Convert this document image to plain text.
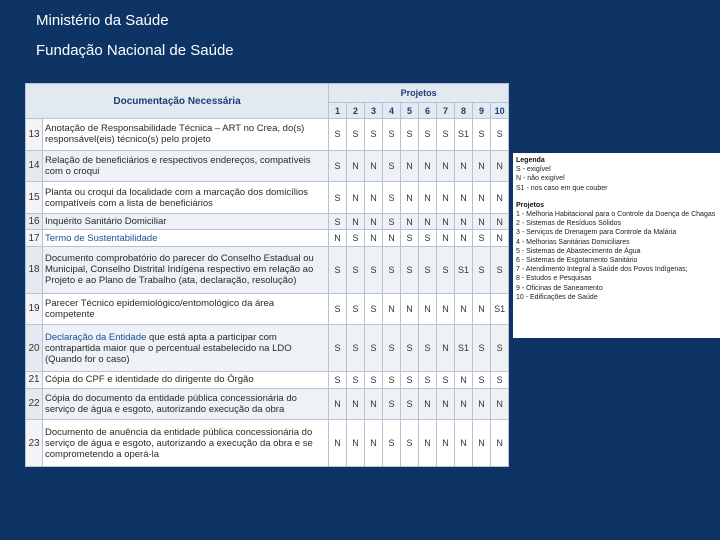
Ministério da Saúde
Fundação Nacional de Saúde
Documentação Necessária		Projetos									
		1	2	3	4	5	6	7	8	9	10
13	Anotação de Responsabilidade Técnica – ART no Crea, do(s) responsável(eis) técnico(s) pelo projeto	S	S	S	S	S	S	S	S1	S	S
14	Relação de beneficiários e respectivos endereços, compatíveis com o croqui	S	N	N	S	N	N	N	N	N	N
15	Planta ou croqui da localidade com a marcação dos domicílios compatíveis com a lista de beneficiários	S	N	N	S	N	N	N	N	N	N
16	Inquérito Sanitário Domiciliar	S	N	N	S	N	N	N	N	N	N
17	Termo de Sustentabilidade	N	S	N	N	S	S	N	N	S	N
18	Documento comprobatório do parecer do Conselho Estadual ou Municipal, Conselho Distrital Indígena respectivo em relação ao Projeto e ao Plano de Trabalho (ata, declaração, resolução)	S	S	S	S	S	S	S	S1	S	S
19	Parecer Técnico epidemiológico/entomológico da área competente	S	S	S	N	N	N	N	N	N	S1
20	Declaração da Entidade que está apta a participar com contrapartida maior que o percentual estabelecido na LDO (Quando for o caso)	S	S	S	S	S	S	N	S1	S	S
21	Cópia do CPF e identidade do dirigente do Órgão	S	S	S	S	S	S	S	N	S	S
22	Cópia do documento da entidade pública concessionária do serviço de água e esgoto, autorizando execução da obra	N	N	N	S	S	N	N	N	N	N
23	Documento de anuência da entidade pública concessionária do serviço de água e esgoto, autorizando a execução da obra e se comprometendo a operá-la	N	N	N	S	S	N	N	N	N	N
Legenda
S - exigível
N - não exigível
S1 - nos caso em que couber
Projetos
1 - Melhoria Habitacional para o Controle da Doença de Chagas
2 - Sistemas de Resíduos Sólidos
3 - Serviços de Drenagem para Controle da Malária
4 - Melhorias Sanitárias Domiciliares
5 - Sistemas de Abastecimento de Água
6 - Sistemas de Esgotamento Sanitário
7 - Atendimento Integral à Saúde dos Povos Indígenas;
8 - Estudos e Pesquisas
9 - Oficinas de Saneamento
10 - Edificações de Saúde
